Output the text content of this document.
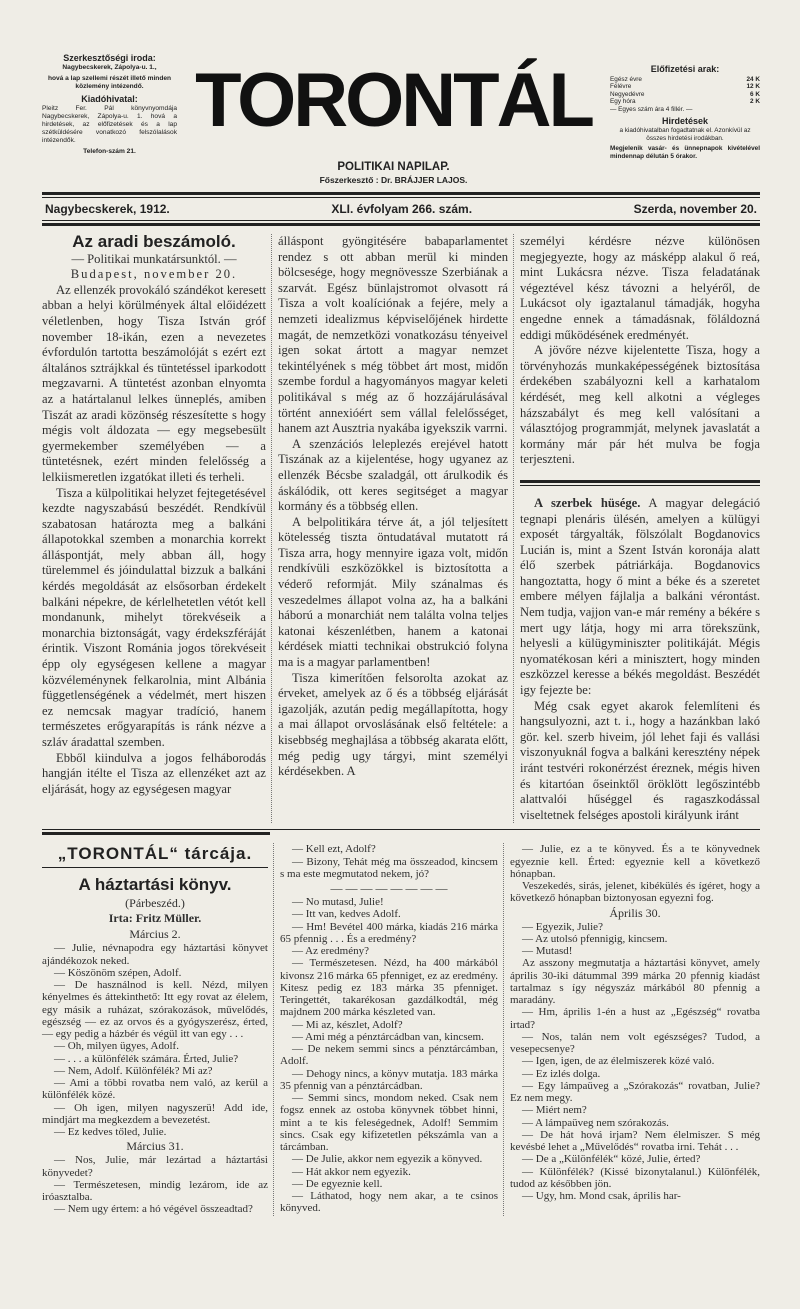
Szerkesztőségi iroda:

Nagybecskerek, Zápolya-u. 1.,

hová a lap szellemi részét illető minden közlemény intézendő.

Kiadóhivatal:

Pleitz Fer. Pál könyvnyomdája Nagybecskerek, Zápolya-u. 1. hová a hirdetések, az előfizetések és a lap szétküldésére vonatkozó felszólalások intézendők.

Telefon-szám 21.

TORONTÁL
POLITIKAI NAPILAP.
Főszerkesztő : Dr. BRÁJJER LAJOS.
Előfizetési arak:
Egész évre	24 K
Félévre	12 K
Negyedévre	6 K
Egy hóra	2 K

— Egyes szám ára 4 fillér. —

Hirdetések

a kiadóhivatalban fogadtatnak el. Azonkívül az összes hirdetési irodákban.

Megjelenik vasár- és ünnepnapok kivételével mindennap délután 5 órakor.

Nagybecskerek, 1912.	XLI. évfolyam 266. szám.	Szerda, november 20.
Az aradi beszámoló.

— Politikai munkatársunktól. —

Budapest, november 20.

Az ellenzék provokáló szándékot keresett abban a helyi körülmények által előidézett véletlenben, hogy Tisza István gróf november 18-ikán, ezen a nevezetes évfordulón tartotta beszámolóját s ezért ezt általános sztrájkkal és tüntetéssel iparkodott megzavarni. A tüntetést azonban elnyomta az a határtalanul lelkes ünneplés, amiben Tiszát az aradi közönség részesítette s hogy mégis volt áldozata — egy megsebesült gyermekember személyében — a tüntetésnek, ezért minden felelősség a lelkiismeretlen izgatókat illeti és terheli.

Tisza a külpolitikai helyzet fejtegetésével kezdte nagyszabású beszédét. Rendkívül szabatosan határozta meg a balkáni állapotokkal szemben a monarchia korrekt álláspontját, mely abban áll, hogy türelemmel és jóindulattal bizzuk a balkáni kérdés megoldását az elsősorban érdekelt balkáni népekre, de kérlelhetetlen vétót kell mondanunk, mihelyt törekvéseik a monarchia biztonságát, vagy érdekszféráját érintik. Viszont Románia jogos törekvéseit épp oly egységesen kellene a magyar közvéleménynek felkarolnia, mint Albánia függetlenségének a védelmét, mert hiszen ez nemcsak magyar tradíció, hanem természetes erőgyarapítás is ránk nézve a szláv áradattal szemben.

Ebből kiindulva a jogos felháborodás hangján itélte el Tisza az ellenzéket azt az eljárását, hogy az egységesen magyar

álláspont gyöngitésére babaparlamentet rendez s ott abban merül ki minden bölcsesége, hogy megnövessze Szerbiának a szarvát. Egész bünlajstromot olvasott rá Tisza a volt koalíciónak a fejére, mely a nemzeti idealizmus képviselőjének hirdette magát, de nemzetközi vonatkozásu tényeivel igen sokat ártott a magyar nemzet tekintélyének s még többet árt most, midőn szembe fordul a hagyományos magyar keleti politikával s még az ő hozzájárulásával történt annexióért sem vállal felelősséget, hanem azt Ausztria nyakába igyekszik varrni.

A szenzációs leleplezés erejével hatott Tiszának az a kijelentése, hogy ugyanez az ellenzék Bécsbe szaladgál, ott árulkodik és áskálódik, ott keres segitséget a magyar kormány és a többség ellen.

A belpolitikára térve át, a jól teljesített kötelesség tiszta öntudatával mutatott rá Tisza arra, hogy mennyire igaza volt, midőn rendkívüli eszközökkel is biztosította a véderő reformját. Mily szánalmas és veszedelmes állapot volna az, ha a balkáni háború a monarchiát nem találta volna teljes katonai készenlétben, hanem a katonai kérdések miatti technikai obstrukció folyna ma is a magyar parlamentben!

Tisza kimerítően felsorolta azokat az érveket, amelyek az ő és a többség eljárását igazolják, azután pedig megállapította, hogy a mai állapot orvoslásának első feltétele: a kisebbség meghajlása a többség akarata előtt, még pedig ugy tárgyi, mint személyi kérdésekben. A

személyi kérdésre nézve különösen megjegyezte, hogy az másképp alakul ő reá, mint Lukácsra nézve. Tisza feladatának végeztével kész távozni a helyéről, de Lukácsot oly igaztalanul támadják, hogyha engedne ennek a támadásnak, föláldozná eddigi működésének eredményét.

A jövőre nézve kijelentette Tisza, hogy a törvényhozás munkaképességének biztosítása érdekében szabályozni kell a karhatalom kérdését, meg kell alkotni a végleges házszabályt és meg kell valósítani a választójog programmját, melynek javaslatát a kormány már pár hét mulva be fogja terjeszteni.

A szerbek hüsége. A magyar delegáció tegnapi plenáris ülésén, amelyen a külügyi exposét tárgyalták, fölszólalt Bogdanovics Lucián is, mint a Szent István koronája alatt élő szerbek pátriárkája. Bogdanovics hangoztatta, hogy ő mint a béke és a szeretet embere mélyen fájlalja a balkáni vérontást. Nem tudja, vajjon van-e már remény a békére s mert ugy látja, hogy mi arra törekszünk, helyesli a külügyminiszter politikáját. Mégis nyomatékosan kéri a minisztert, hogy minden eszközzel keresse a békés megoldást. Beszédét igy fejezte be:

Még csak egyet akarok felemlíteni és hangsulyozni, azt t. i., hogy a hazánkban lakó gör. kel. szerb hiveim, jól lehet faji és vallási viszonyuknál fogva a balkáni keresztény népek iránt testvéri rokonérzést éreznek, mégis hiven és kitartóan őseinktől öröklött legőszintébb alattvalói hűséggel és ragaszkodással viseltetnek felséges apostoli királyunk iránt

„TORONTÁL“ tárcája.
A háztartási könyv.
(Párbeszéd.)
Irta: Fritz Müller.

Március 2.

— Julie, névnapodra egy háztartási könyvet ajándékozok neked.

— Köszönöm szépen, Adolf.

— De használnod is kell. Nézd, milyen kényelmes és áttekinthető: Itt egy rovat az élelem, egy másik a ruházat, szórakozások, művelődés, egészség — ez az orvos és a gyógyszerész, érted, — egy pedig a házbér és végül itt van egy . . .

— Oh, milyen ügyes, Adolf.

— . . . a különfélék számára. Érted, Julie?

— Nem, Adolf. Különfélék? Mi az?

— Ami a többi rovatba nem való, az kerül a különfélék közé.

— Oh igen, milyen nagyszerü! Add ide, mindjárt ma megkezdem a bevezetést.

— Ez kedves tőled, Julie.

Március 31.

— Nos, Julie, már lezártad a háztartási könyvedet?

— Természetesen, mindig lezárom, ide az iróasztalba.

— Nem ugy értem: a hó végével összeadtad?

— Kell ezt, Adolf?

— Bizony, Tehát még ma összeadod, kincsem s ma este megmutatod nekem, jó?

— — — — — — — —

— No mutasd, Julie!

— Itt van, kedves Adolf.

— Hm! Bevétel 400 márka, kiadás 216 márka 65 pfennig . . . És a eredmény?

— Az eredmény?

— Természetesen. Nézd, ha 400 márkából kivonsz 216 márka 65 pfenniget, ez az eredmény. Kitesz pedig ez 183 márka 35 pfenniget. Teringettét, takarékosan gazdálkodtál, még majdnem 200 márka készleted van.

— Mi az, készlet, Adolf?

— Ami még a pénztárcádban van, kincsem.

— De nekem semmi sincs a pénztárcámban, Adolf.

— Dehogy nincs, a könyv mutatja. 183 márka 35 pfennig van a pénztárcádban.

— Semmi sincs, mondom neked. Csak nem fogsz ennek az ostoba könyvnek többet hinni, mint a te kis feleségednek, Adolf! Semmim sincs. Csak egy kifizetetlen pékszámla van a tárcámban.

— De Julie, akkor nem egyezik a könyved.

— Hát akkor nem egyezik.

— De egyeznie kell.

— Láthatod, hogy nem akar, a te csinos könyved.

— Julie, ez a te könyved. És a te könyvednek egyeznie kell. Érted: egyeznie kell a következő hónapban.

Veszekedés, sirás, jelenet, kibékülés és ígéret, hogy a következő hónapban biztonyosan egyezni fog.

Április 30.

— Egyezik, Julie?

— Az utolsó pfennigig, kincsem.

— Mutasd!

Az asszony megmutatja a háztartási könyvet, amely április 30-iki dátummal 399 márka 20 pfennig kiadást tartalmaz s így négyszáz márkából 80 pfennig a maradány.

— Hm, április 1-én a hust az „Egészség“ rovatba irtad?

— Nos, talán nem volt egészséges? Tudod, a vesepecsenye?

— Igen, igen, de az élelmiszerek közé való.

— Ez izlés dolga.

— Egy lámpaüveg a „Szórakozás“ rovatban, Julie? Ez nem megy.

— Miért nem?

— A lámpaüveg nem szórakozás.

— De hát hová irjam? Nem élelmiszer. S még kevésbé lehet a „Művelődés“ rovatba irni. Tehát . . .

— De a „Különfélék“ közé, Julie, érted?

— Különfélék? (Kissé bizonytalanul.) Különfélék, tudod az későbben jön.

— Ugy, hm. Mond csak, április har-
